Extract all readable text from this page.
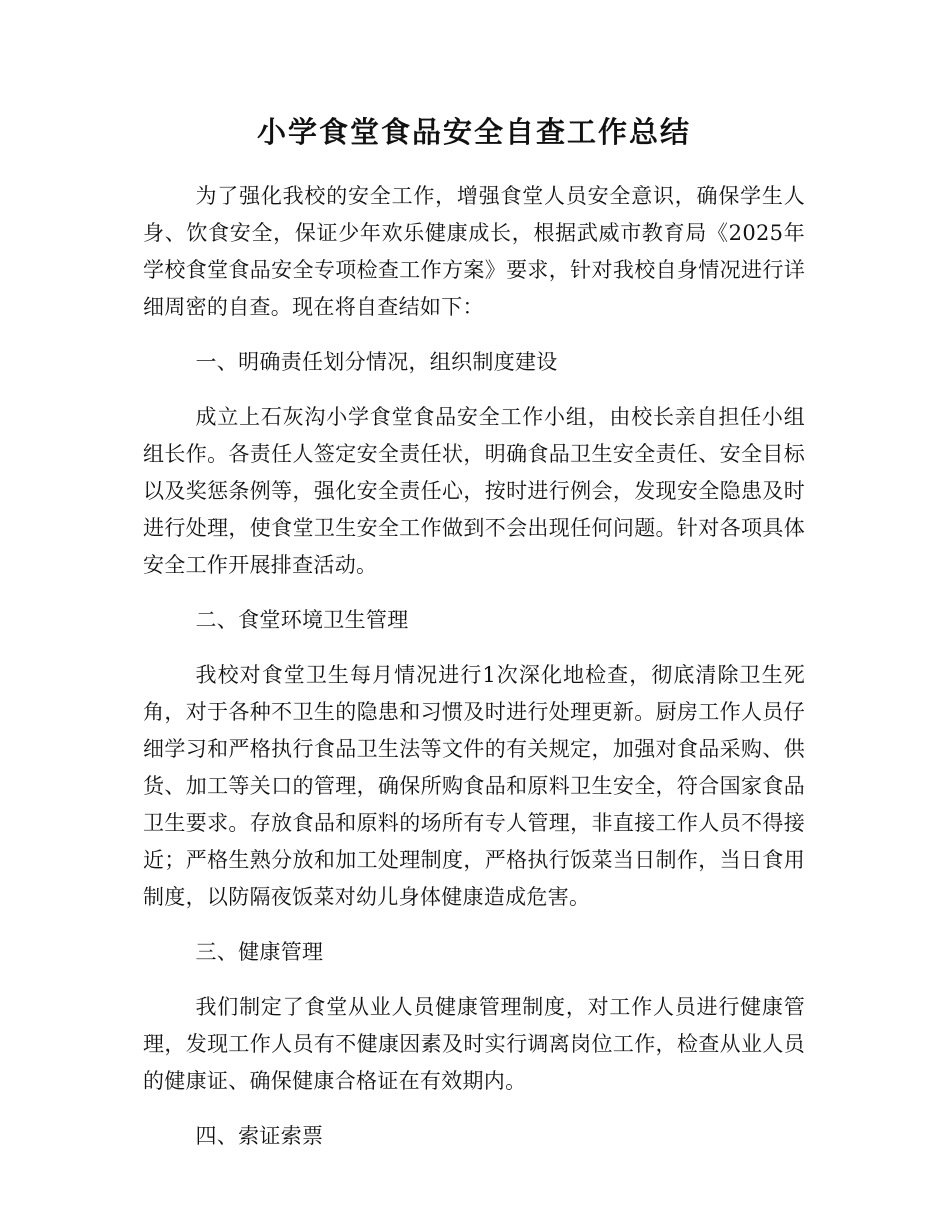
小学食堂食品安全自查工作总结

为了强化我校的安全工作，增强食堂人员安全意识，确保学生人身、饮食安全，保证少年欢乐健康成长，根据武威市教育局《2025年学校食堂食品安全专项检查工作方案》要求，针对我校自身情况进行详细周密的自查。现在将自查结如下：

一、明确责任划分情况，组织制度建设

成立上石灰沟小学食堂食品安全工作小组，由校长亲自担任小组组长作。各责任人签定安全责任状，明确食品卫生安全责任、安全目标以及奖惩条例等，强化安全责任心，按时进行例会，发现安全隐患及时进行处理，使食堂卫生安全工作做到不会出现任何问题。针对各项具体安全工作开展排查活动。

二、食堂环境卫生管理

我校对食堂卫生每月情况进行1次深化地检查，彻底清除卫生死角，对于各种不卫生的隐患和习惯及时进行处理更新。厨房工作人员仔细学习和严格执行食品卫生法等文件的有关规定，加强对食品采购、供货、加工等关口的管理，确保所购食品和原料卫生安全，符合国家食品卫生要求。存放食品和原料的场所有专人管理，非直接工作人员不得接近；严格生熟分放和加工处理制度，严格执行饭菜当日制作，当日食用制度，以防隔夜饭菜对幼儿身体健康造成危害。

三、健康管理

我们制定了食堂从业人员健康管理制度，对工作人员进行健康管理，发现工作人员有不健康因素及时实行调离岗位工作，检查从业人员的健康证、确保健康合格证在有效期内。

四、索证索票
